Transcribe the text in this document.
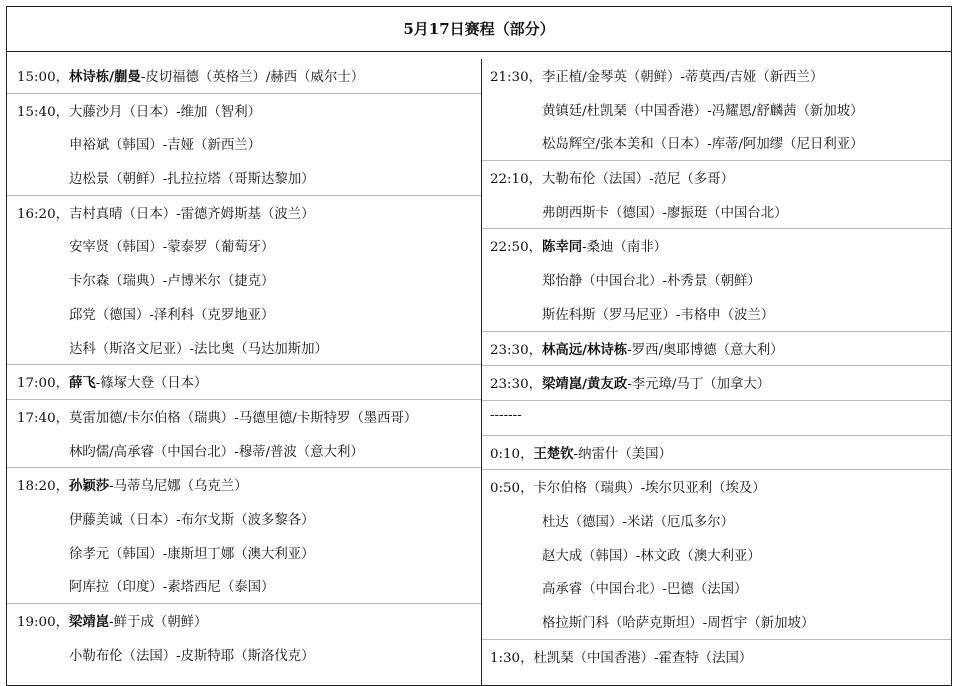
5月17日赛程（部分）
15:00，林诗栋/蒯曼-皮切福德（英格兰）/赫西（威尔士）
15:40，大藤沙月（日本）-维加（智利）
申裕斌（韩国）-吉娅（新西兰）
边松景（朝鲜）-扎拉拉塔（哥斯达黎加）
16:20，吉村真晴（日本）-雷德齐姆斯基（波兰）
安宰贤（韩国）-蒙泰罗（葡萄牙）
卡尔森（瑞典）-卢博米尔（捷克）
邱党（德国）-泽利科（克罗地亚）
达科（斯洛文尼亚）-法比奥（马达加斯加）
17:00，薛飞-篠塚大登（日本）
17:40，莫雷加德/卡尔伯格（瑞典）-马德里德/卡斯特罗（墨西哥）
林昀儒/高承睿（中国台北）-穆蒂/普波（意大利）
18:20，孙颖莎-马蒂乌尼娜（乌克兰）
伊藤美诚（日本）-布尔戈斯（波多黎各）
徐孝元（韩国）-康斯坦丁娜（澳大利亚）
阿库拉（印度）-素塔西尼（泰国）
19:00，梁靖崑-鲜于成（朝鲜）
小勒布伦（法国）-皮斯特耶（斯洛伐克）
21:30，李正植/金琴英（朝鲜）-蒂莫西/吉娅（新西兰）
黄镇廷/杜凯琹（中国香港）-冯耀恩/舒麟茜（新加坡）
松岛辉空/张本美和（日本）-库蒂/阿加缪（尼日利亚）
22:10，大勒布伦（法国）-范尼（多哥）
弗朗西斯卡（德国）-廖振珽（中国台北）
22:50，陈幸同-桑迪（南非）
郑怡静（中国台北）-朴秀景（朝鲜）
斯佐科斯（罗马尼亚）-韦格申（波兰）
23:30，林高远/林诗栋-罗西/奥耶博德（意大利）
23:30，梁靖崑/黄友政-李元璋/马丁（加拿大）
-------
0:10，王楚钦-纳雷什（美国）
0:50，卡尔伯格（瑞典）-埃尔贝亚利（埃及）
杜达（德国）-米诺（厄瓜多尔）
赵大成（韩国）-林文政（澳大利亚）
高承睿（中国台北）-巴德（法国）
格拉斯门科（哈萨克斯坦）-周哲宇（新加坡）
1:30，杜凯琹（中国香港）-霍查特（法国）
